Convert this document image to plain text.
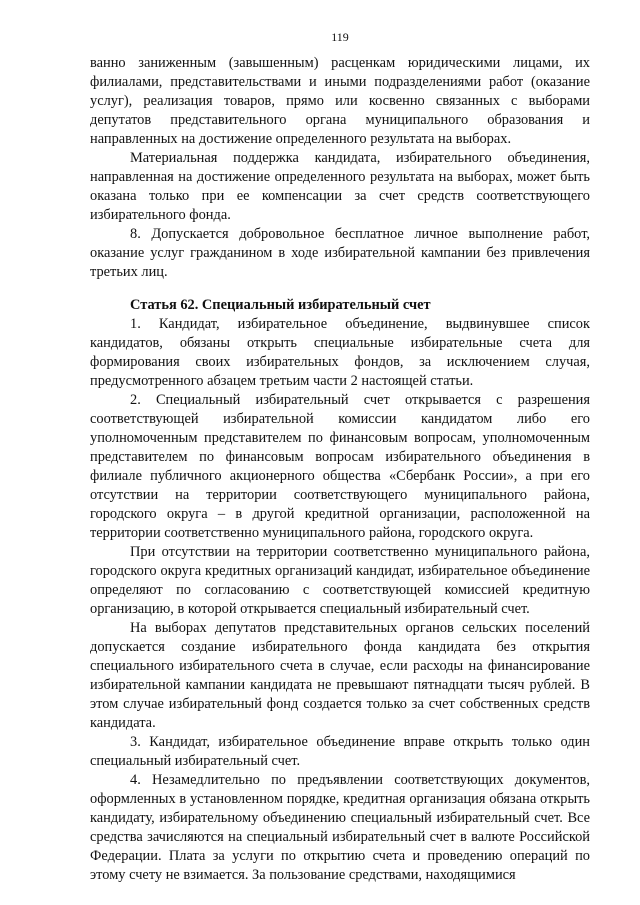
119

ванно заниженным (завышенным) расценкам юридическими лицами, их филиалами, представительствами и иными подразделениями работ (оказание услуг), реализация товаров, прямо или косвенно связанных с выборами депутатов представительного органа муниципального образования и направленных на достижение определенного результата на выборах.

Материальная поддержка кандидата, избирательного объединения, направленная на достижение определенного результата на выборах, может быть оказана только при ее компенсации за счет средств соответствующего избирательного фонда.

8. Допускается добровольное бесплатное личное выполнение работ, оказание услуг гражданином в ходе избирательной кампании без привлечения третьих лиц.

Статья 62. Специальный избирательный счет

1. Кандидат, избирательное объединение, выдвинувшее список кандидатов, обязаны открыть специальные избирательные счета для формирования своих избирательных фондов, за исключением случая, предусмотренного абзацем третьим части 2 настоящей статьи.

2. Специальный избирательный счет открывается с разрешения соответствующей избирательной комиссии кандидатом либо его уполномоченным представителем по финансовым вопросам, уполномоченным представителем по финансовым вопросам избирательного объединения в филиале публичного акционерного общества «Сбербанк России», а при его отсутствии на территории соответствующего муниципального района, городского округа – в другой кредитной организации, расположенной на территории соответственно муниципального района, городского округа.

При отсутствии на территории соответственно муниципального района, городского округа кредитных организаций кандидат, избирательное объединение определяют по согласованию с соответствующей комиссией кредитную организацию, в которой открывается специальный избирательный счет.

На выборах депутатов представительных органов сельских поселений допускается создание избирательного фонда кандидата без открытия специального избирательного счета в случае, если расходы на финансирование избирательной кампании кандидата не превышают пятнадцати тысяч рублей. В этом случае избирательный фонд создается только за счет собственных средств кандидата.

3. Кандидат, избирательное объединение вправе открыть только один специальный избирательный счет.

4. Незамедлительно по предъявлении соответствующих документов, оформленных в установленном порядке, кредитная организация обязана открыть кандидату, избирательному объединению специальный избирательный счет. Все средства зачисляются на специальный избирательный счет в валюте Российской Федерации. Плата за услуги по открытию счета и проведению операций по этому счету не взимается. За пользование средствами, находящимися
